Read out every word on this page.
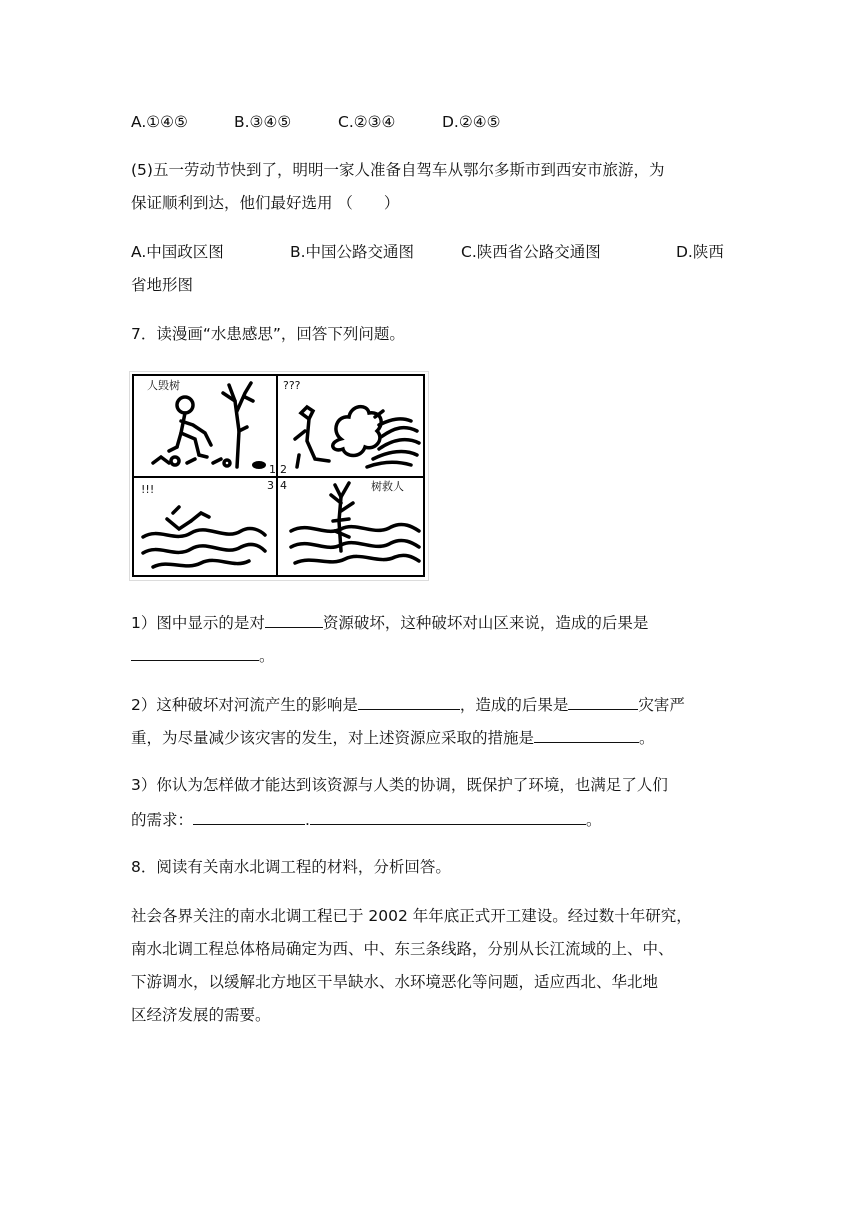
A.①④⑤	B.③④⑤	C.②③④	D.②④⑤
(5)五一劳动节快到了，明明一家人准备自驾车从鄂尔多斯市到西安市旅游，为
保证顺利到达，他们最好选用 （　　）
A.中国政区图	B.中国公路交通图	C.陕西省公路交通图	D.陕西
省地形图
7．读漫画“水患感思”，回答下列问题。
人毁树	???
!!!	树救人
1 2
3 4
1）图中显示的是对	资源破坏，这种破坏对山区来说，造成的后果是
。
2）这种破坏对河流产生的影响是	，造成的后果是	灾害严
重，为尽量减少该灾害的发生，对上述资源应采取的措施是	。
3）你认为怎样做才能达到该资源与人类的协调，既保护了环境，也满足了人们
的需求：	.	。
8．阅读有关南水北调工程的材料，分析回答。
社会各界关注的南水北调工程已于 2002 年年底正式开工建设。经过数十年研究，
南水北调工程总体格局确定为西、中、东三条线路，分别从长江流域的上、中、
下游调水，以缓解北方地区干旱缺水、水环境恶化等问题，适应西北、华北地
区经济发展的需要。
